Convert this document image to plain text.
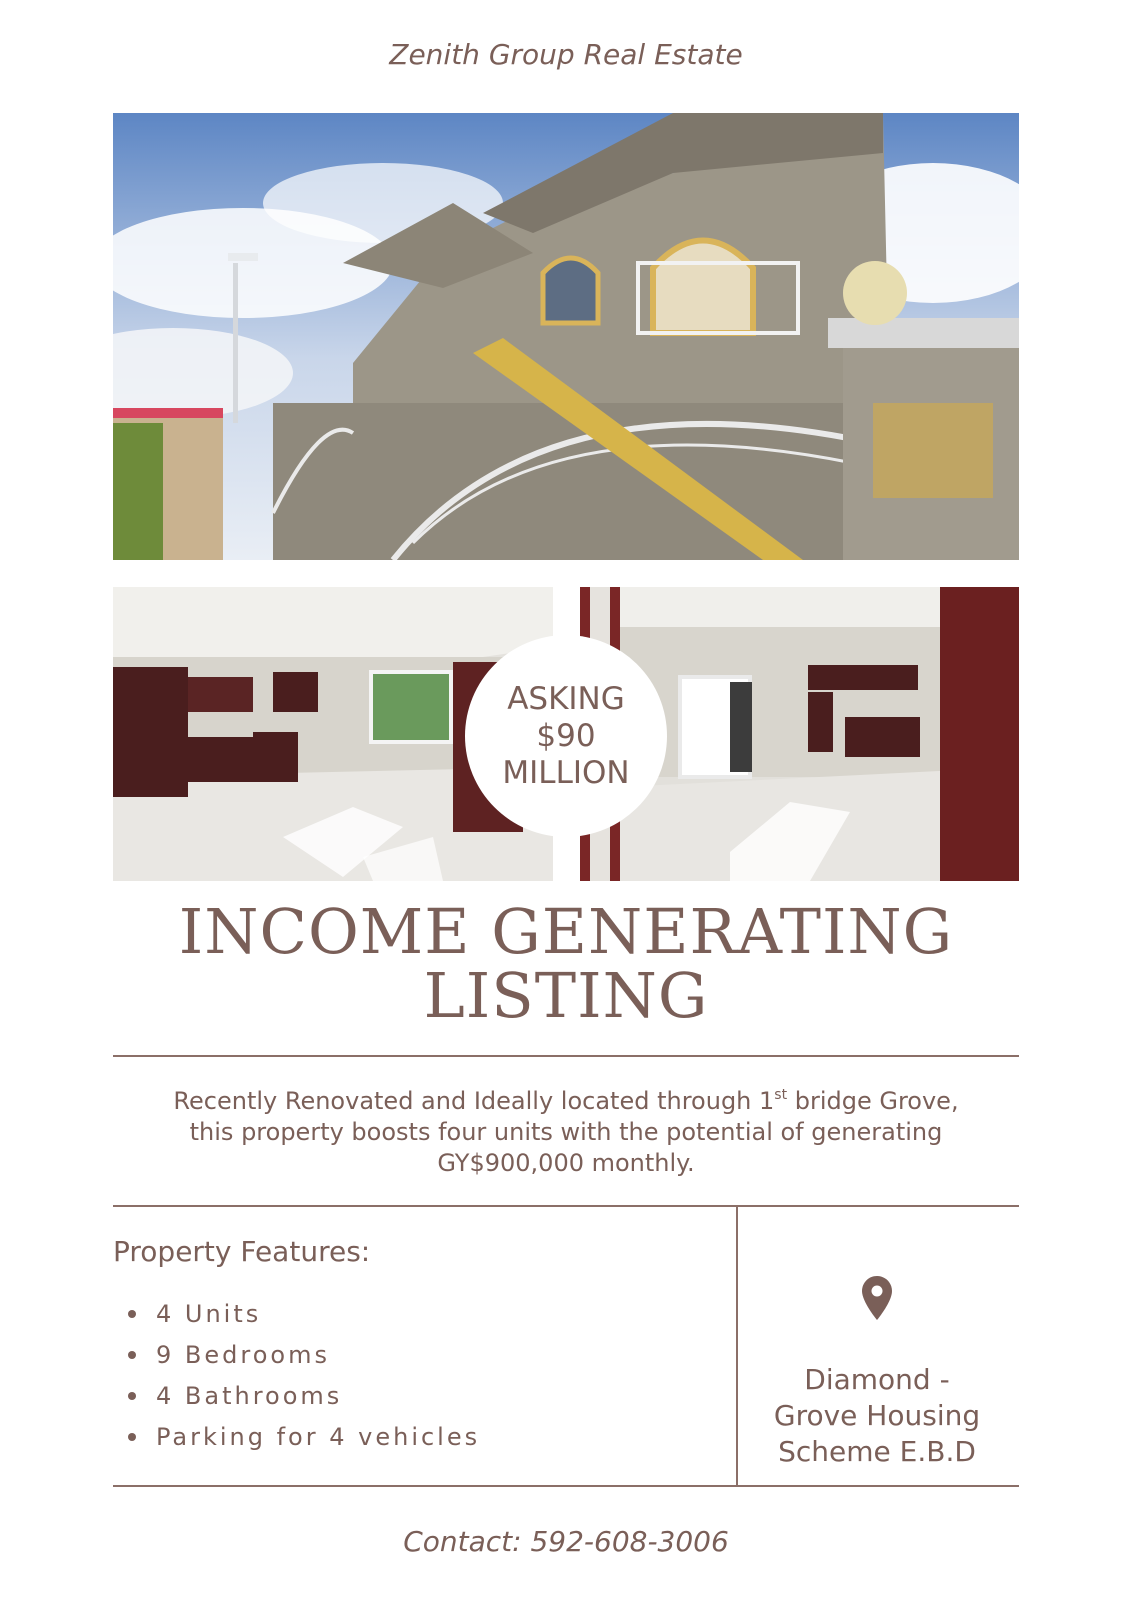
Zenith Group Real Estate
ASKING
$90
MILLION
INCOME GENERATING
LISTING
Recently Renovated and Ideally located through 1st bridge Grove,
this property boosts four units with the potential of generating
GY$900,000 monthly.
Property Features:
4 Units
9 Bedrooms
4 Bathrooms
Parking for 4 vehicles
Diamond -
Grove Housing
Scheme E.B.D
Contact: 592-608-3006
